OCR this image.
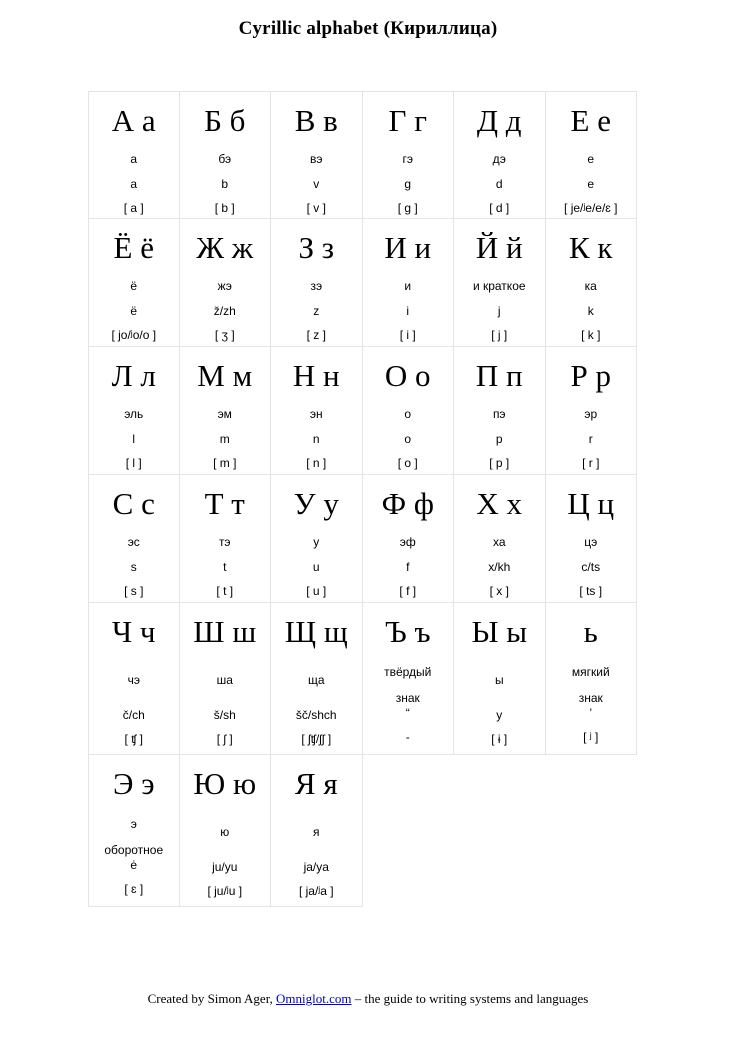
Cyrillic alphabet (Кириллица)
А а
а
a
[ a ]
Б б
бэ
b
[ b ]
В в
вэ
v
[ v ]
Г г
гэ
g
[ g ]
Д д
дэ
d
[ d ]
Е е
е
e
[ je/ʲe/e/ɛ ]
Ё ё
ё
ë
[ jo/ʲo/o ]
Ж ж
жэ
ž/zh
[ ʒ ]
З з
зэ
z
[ z ]
И и
и
i
[ i ]
Й й
и краткое
j
[ j ]
К к
ка
k
[ k ]
Л л
эль
l
[ l ]
М м
эм
m
[ m ]
Н н
эн
n
[ n ]
О о
о
o
[ o ]
П п
пэ
p
[ p ]
Р р
эр
r
[ r ]
С с
эс
s
[ s ]
Т т
тэ
t
[ t ]
У у
у
u
[ u ]
Ф ф
эф
f
[ f ]
Х х
ха
x/kh
[ x ]
Ц ц
цэ
c/ts
[ ts ]
Ч ч
чэ
č/ch
[ ʧ ]
Ш ш
ша
š/sh
[ ʃ ]
Щ щ
ща
šč/shch
[ ʃʧ/ʃʃ ]
Ъ ъ
твёрдый
знак
“
-
Ы ы
ы
y
[ ɨ ]
ь
мягкий
знак
’
[ ʲ ]
Э э
э
оборотное
ė
[ ɛ ]
Ю ю
ю
ju/yu
[ ju/ʲu ]
Я я
я
ja/ya
[ ja/ʲa ]
Created by Simon Ager, Omniglot.com – the guide to writing systems and languages
